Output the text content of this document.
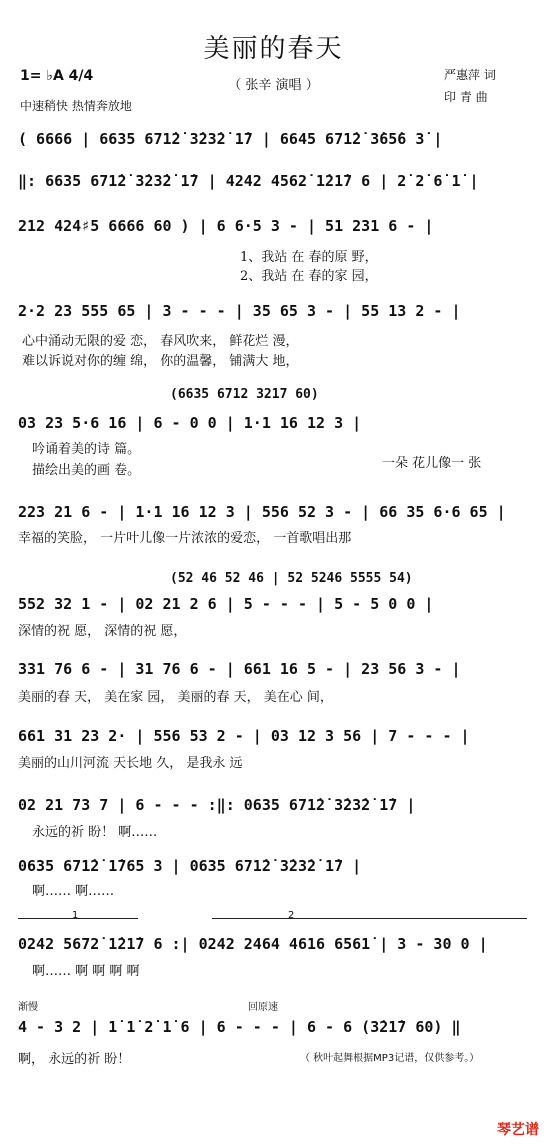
美丽的春天
（ 张辛 演唱 ）
1= ♭A 4/4
中速稍快 热情奔放地
严惠萍 词
印 青 曲
( 6666 | 6635 671̇2̇ 3̇23̇2̇ 1̇7 | 6645 671̇2̇ 3̇65̇6 3̇ |
‖: 6635 671̇2̇ 3̇23̇2̇ 1̇7 | 4242 4562̇ 1̇21̇7 6 | 2̇ 2̇ 6̇ 1̇ |
212 424♯5 6666 60 ) | 6 6·5 3 - | 51 231 6 - |
2·2 23 555 65 | 3 - - - | 35 65 3 - | 55 13 2 - |
(6635 6712 3217 60)
03 23 5·6 16 | 6 - 0 0 | 1·1 16 12 3 |
223 21 6 - | 1·1 16 12 3 | 556 52 3 - | 66 35 6·6 65 |
(52 46 52 46 | 52 5246 5555 54)
552 32 1 - | 02 21 2 6 | 5 - - - | 5 - 5 0 0 |
331 76 6 - | 31 76 6 - | 661 16 5 - | 23 56 3 - |
661 31 23 2· | 556 53 2 - | 03 12 3 56 | 7 - - - |
02 21 73 7 | 6 - - - :‖: 0635 671̇2̇ 3̇23̇2̇ 1̇7 |
0635 671̇2̇ 1̇765 3 | 0635 671̇2̇ 3̇23̇2̇ 1̇7 |
0242 5672̇ 1̇21̇7 6 :| 0242 2464 4616 6561̇ | 3 - 30 0 |
4 - 3 2 | 1̇ 1̇ 2̇ 1̇ 6 | 6 - - - | 6 - 6 (3̇21̇7 60) ‖
1、我站 在 春的原 野，
2、我站 在 春的家 园，
心中涌动无限的爱 恋， 春风吹来， 鲜花烂 漫，
难以诉说对你的缠 绵， 你的温馨， 铺满大 地，
吟诵着美的诗 篇。
描绘出美的画 卷。	一朵 花儿像一 张
幸福的笑脸， 一片叶儿像一片浓浓的爱恋， 一首歌唱出那
深情的祝 愿， 深情的祝 愿，
美丽的春 天， 美在家 园， 美丽的春 天， 美在心 间，
美丽的山川河流 天长地 久， 是我永 远
永远的祈 盼！ 啊……
啊…… 啊……
啊…… 啊 啊 啊 啊
啊， 永远的祈 盼！
1	2
渐慢	回原速
（ 秋叶起舞根据MP3记谱，仅供参考。）
琴艺谱
